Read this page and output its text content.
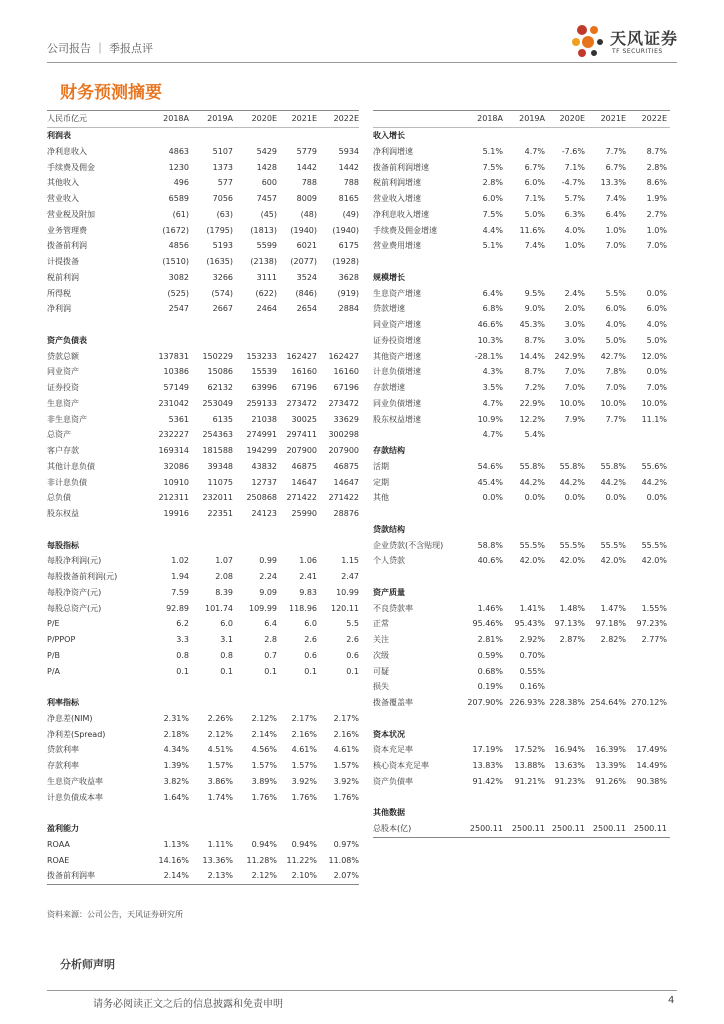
公司报告 ｜ 季报点评
天风证券
TF SECURITIES
财务预测摘要
人民币亿元	2018A	2019A	2020E	2021E	2022E
利润表
净利息收入	4863	5107	5429	5779	5934
手续费及佣金	1230	1373	1428	1442	1442
其他收入	496	577	600	788	788
营业收入	6589	7056	7457	8009	8165
营业税及附加	(61)	(63)	(45)	(48)	(49)
业务管理费	(1672)	(1795)	(1813)	(1940)	(1940)
拨备前利润	4856	5193	5599	6021	6175
计提拨备	(1510)	(1635)	(2138)	(2077)	(1928)
税前利润	3082	3266	3111	3524	3628
所得税	(525)	(574)	(622)	(846)	(919)
净利润	2547	2667	2464	2654	2884
资产负债表
贷款总额	137831	150229	153233	162427	162427
同业资产	10386	15086	15539	16160	16160
证券投资	57149	62132	63996	67196	67196
生息资产	231042	253049	259133	273472	273472
非生息资产	5361	6135	21038	30025	33629
总资产	232227	254363	274991	297411	300298
客户存款	169314	181588	194299	207900	207900
其他计息负债	32086	39348	43832	46875	46875
非计息负债	10910	11075	12737	14647	14647
总负债	212311	232011	250868	271422	271422
股东权益	19916	22351	24123	25990	28876
每股指标
每股净利润(元)	1.02	1.07	0.99	1.06	1.15
每股拨备前利润(元)	1.94	2.08	2.24	2.41	2.47
每股净资产(元)	7.59	8.39	9.09	9.83	10.99
每股总资产(元)	92.89	101.74	109.99	118.96	120.11
P/E	6.2	6.0	6.4	6.0	5.5
P/PPOP	3.3	3.1	2.8	2.6	2.6
P/B	0.8	0.8	0.7	0.6	0.6
P/A	0.1	0.1	0.1	0.1	0.1
利率指标
净息差(NIM)	2.31%	2.26%	2.12%	2.17%	2.17%
净利差(Spread)	2.18%	2.12%	2.14%	2.16%	2.16%
贷款利率	4.34%	4.51%	4.56%	4.61%	4.61%
存款利率	1.39%	1.57%	1.57%	1.57%	1.57%
生息资产收益率	3.82%	3.86%	3.89%	3.92%	3.92%
计息负债成本率	1.64%	1.74%	1.76%	1.76%	1.76%
盈利能力
ROAA	1.13%	1.11%	0.94%	0.94%	0.97%
ROAE	14.16%	13.36%	11.28%	11.22%	11.08%
拨备前利润率	2.14%	2.13%	2.12%	2.10%	2.07%
2018A	2019A	2020E	2021E	2022E
收入增长
净利润增速	5.1%	4.7%	-7.6%	7.7%	8.7%
拨备前利润增速	7.5%	6.7%	7.1%	6.7%	2.8%
税前利润增速	2.8%	6.0%	-4.7%	13.3%	8.6%
营业收入增速	6.0%	7.1%	5.7%	7.4%	1.9%
净利息收入增速	7.5%	5.0%	6.3%	6.4%	2.7%
手续费及佣金增速	4.4%	11.6%	4.0%	1.0%	1.0%
营业费用增速	5.1%	7.4%	1.0%	7.0%	7.0%
规模增长
生息资产增速	6.4%	9.5%	2.4%	5.5%	0.0%
贷款增速	6.8%	9.0%	2.0%	6.0%	6.0%
同业资产增速	46.6%	45.3%	3.0%	4.0%	4.0%
证券投资增速	10.3%	8.7%	3.0%	5.0%	5.0%
其他资产增速	-28.1%	14.4%	242.9%	42.7%	12.0%
计息负债增速	4.3%	8.7%	7.0%	7.8%	0.0%
存款增速	3.5%	7.2%	7.0%	7.0%	7.0%
同业负债增速	4.7%	22.9%	10.0%	10.0%	10.0%
股东权益增速	10.9%	12.2%	7.9%	7.7%	11.1%
4.7%	5.4%
存款结构
活期	54.6%	55.8%	55.8%	55.8%	55.6%
定期	45.4%	44.2%	44.2%	44.2%	44.2%
其他	0.0%	0.0%	0.0%	0.0%	0.0%
贷款结构
企业贷款(不含贴现)	58.8%	55.5%	55.5%	55.5%	55.5%
个人贷款	40.6%	42.0%	42.0%	42.0%	42.0%
资产质量
不良贷款率	1.46%	1.41%	1.48%	1.47%	1.55%
正常	95.46%	95.43%	97.13%	97.18%	97.23%
关注	2.81%	2.92%	2.87%	2.82%	2.77%
次级	0.59%	0.70%
可疑	0.68%	0.55%
损失	0.19%	0.16%
拨备覆盖率	207.90% 226.93% 228.38% 254.64% 270.12%
资本状况
资本充足率	17.19%	17.52%	16.94%	16.39%	17.49%
核心资本充足率	13.83%	13.88%	13.63%	13.39%	14.49%
资产负债率	91.42%	91.21%	91.23%	91.26%	90.38%
其他数据
总股本(亿)	2500.11	2500.11 2500.11 2500.11 2500.11
资料来源：公司公告，天风证券研究所
分析师声明
请务必阅读正文之后的信息披露和免责申明	4
